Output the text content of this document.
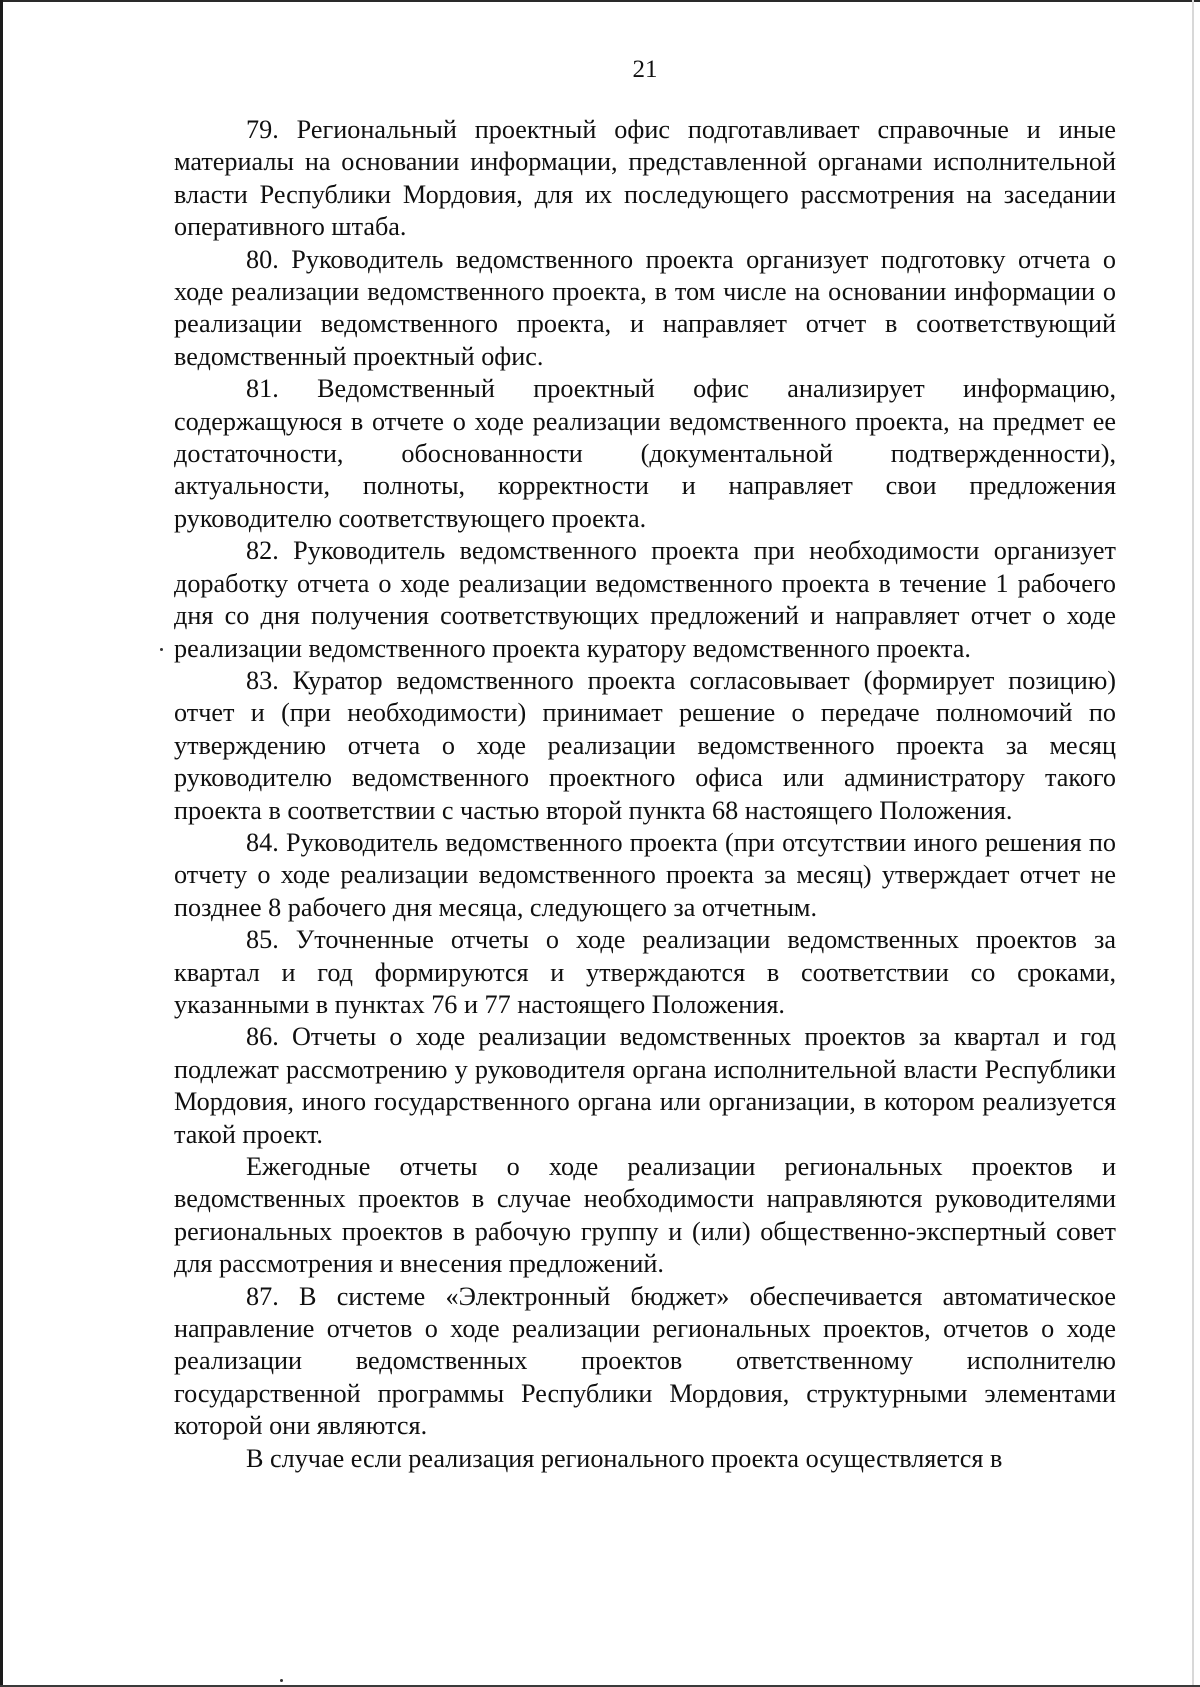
21

79. Региональный проектный офис подготавливает справочные и иные материалы на основании информации, представленной органами исполнительной власти Республики Мордовия, для их последующего рассмотрения на заседании оперативного штаба.

80. Руководитель ведомственного проекта организует подготовку отчета о ходе реализации ведомственного проекта, в том числе на основании информации о реализации ведомственного проекта, и направляет отчет в соответствующий ведомственный проектный офис.

81. Ведомственный проектный офис анализирует информацию, содержащуюся в отчете о ходе реализации ведомственного проекта, на предмет ее достаточности, обоснованности (документальной подтвержденности), актуальности, полноты, корректности и направляет свои предложения руководителю соответствующего проекта.

82. Руководитель ведомственного проекта при необходимости организует доработку отчета о ходе реализации ведомственного проекта в течение 1 рабочего дня со дня получения соответствующих предложений и направляет отчет о ходе реализации ведомственного проекта куратору ведомственного проекта.

83. Куратор ведомственного проекта согласовывает (формирует позицию) отчет и (при необходимости) принимает решение о передаче полномочий по утверждению отчета о ходе реализации ведомственного проекта за месяц руководителю ведомственного проектного офиса или администратору такого проекта в соответствии с частью второй пункта 68 настоящего Положения.

84. Руководитель ведомственного проекта (при отсутствии иного решения по отчету о ходе реализации ведомственного проекта за месяц) утверждает отчет не позднее 8 рабочего дня месяца, следующего за отчетным.

85. Уточненные отчеты о ходе реализации ведомственных проектов за квартал и год формируются и утверждаются в соответствии со сроками, указанными в пунктах 76 и 77 настоящего Положения.

86. Отчеты о ходе реализации ведомственных проектов за квартал и год подлежат рассмотрению у руководителя органа исполнительной власти Республики Мордовия, иного государственного органа или организации, в котором реализуется такой проект.

Ежегодные отчеты о ходе реализации региональных проектов и ведомственных проектов в случае необходимости направляются руководителями региональных проектов в рабочую группу и (или) общественно-экспертный совет для рассмотрения и внесения предложений.

87. В системе «Электронный бюджет» обеспечивается автоматическое направление отчетов о ходе реализации региональных проектов, отчетов о ходе реализации ведомственных проектов ответственному исполнителю государственной программы Республики Мордовия, структурными элементами которой они являются.

В случае если реализация регионального проекта осуществляется в
